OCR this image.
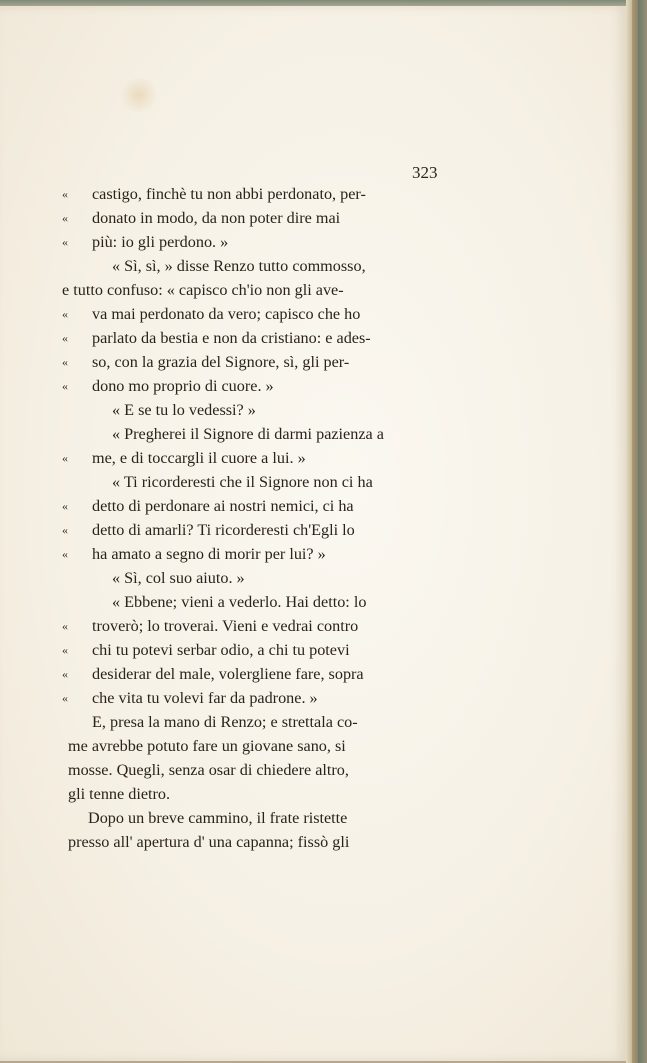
323
« castigo, finchè tu non abbi perdonato, per-
« donato in modo, da non poter dire mai
« più: io gli perdono. »
« Sì, sì, » disse Renzo tutto commosso,
e tutto confuso: « capisco ch'io non gli ave-
« va mai perdonato da vero; capisco che ho
« parlato da bestia e non da cristiano: e ades-
« so, con la grazia del Signore, sì, gli per-
« dono mo proprio di cuore. »
« E se tu lo vedessi? »
« Pregherei il Signore di darmi pazienza a
« me, e di toccargli il cuore a lui. »
« Ti ricorderesti che il Signore non ci ha
« detto di perdonare ai nostri nemici, ci ha
« detto di amarli? Ti ricorderesti ch'Egli lo
« ha amato a segno di morir per lui? »
« Sì, col suo aiuto. »
« Ebbene; vieni a vederlo. Hai detto: lo
« troverò; lo troverai. Vieni e vedrai contro
« chi tu potevi serbar odio, a chi tu potevi
« desiderar del male, volergliene fare, sopra
« che vita tu volevi far da padrone. »
E, presa la mano di Renzo; e strettala co-
me avrebbe potuto fare un giovane sano, si
mosse. Quegli, senza osar di chiedere altro,
gli tenne dietro.
Dopo un breve cammino, il frate ristette
presso all' apertura d' una capanna; fissò gli
